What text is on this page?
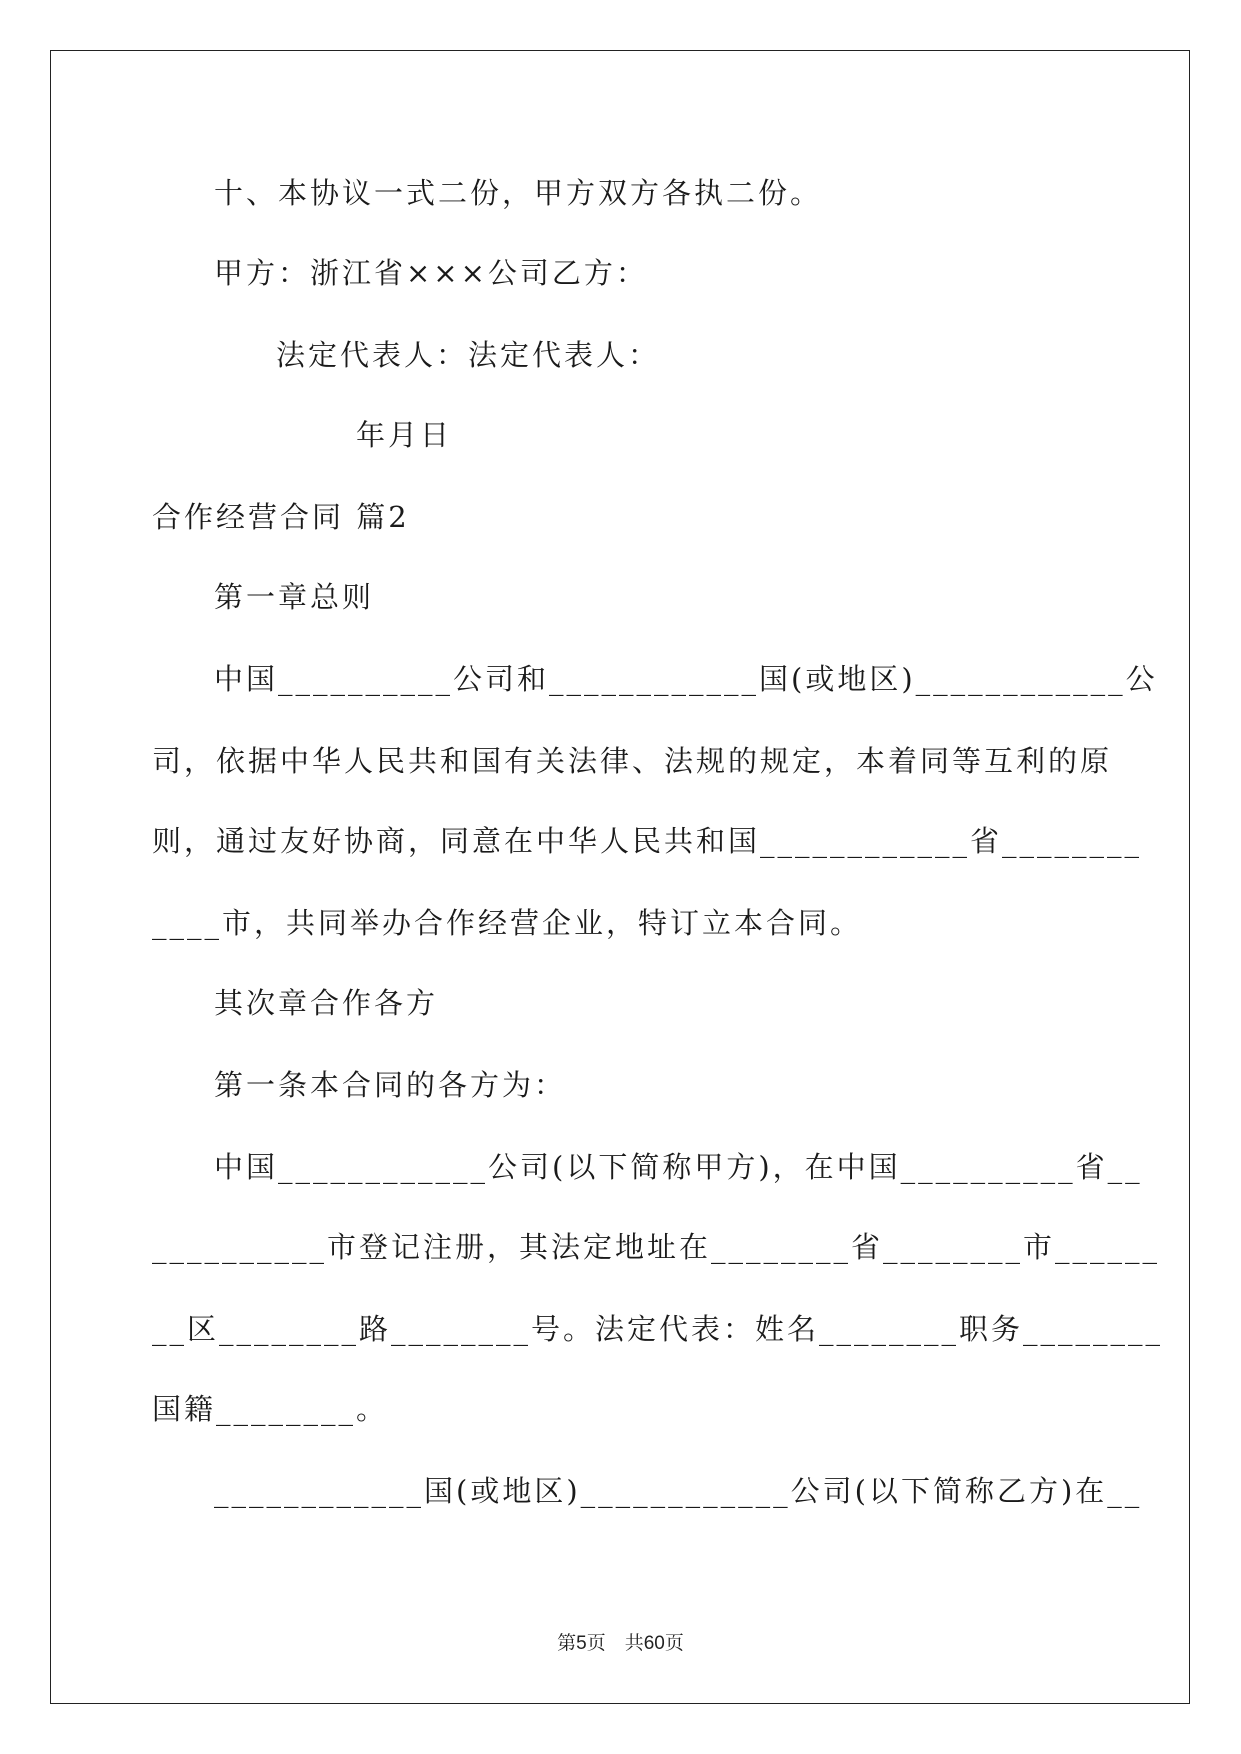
十、本协议一式二份，甲方双方各执二份。
甲方：浙江省×××公司乙方：
法定代表人：法定代表人：
年月日
合作经营合同 篇2
第一章总则
中国__________公司和____________国(或地区)____________公
司，依据中华人民共和国有关法律、法规的规定，本着同等互利的原
则，通过友好协商，同意在中华人民共和国____________省________
____市，共同举办合作经营企业，特订立本合同。
其次章合作各方
第一条本合同的各方为：
中国____________公司(以下简称甲方)，在中国__________省__
__________市登记注册，其法定地址在________省________市______
__区________路________号。法定代表：姓名________职务________
国籍________。
____________国(或地区)____________公司(以下简称乙方)在__
第5页　共60页
